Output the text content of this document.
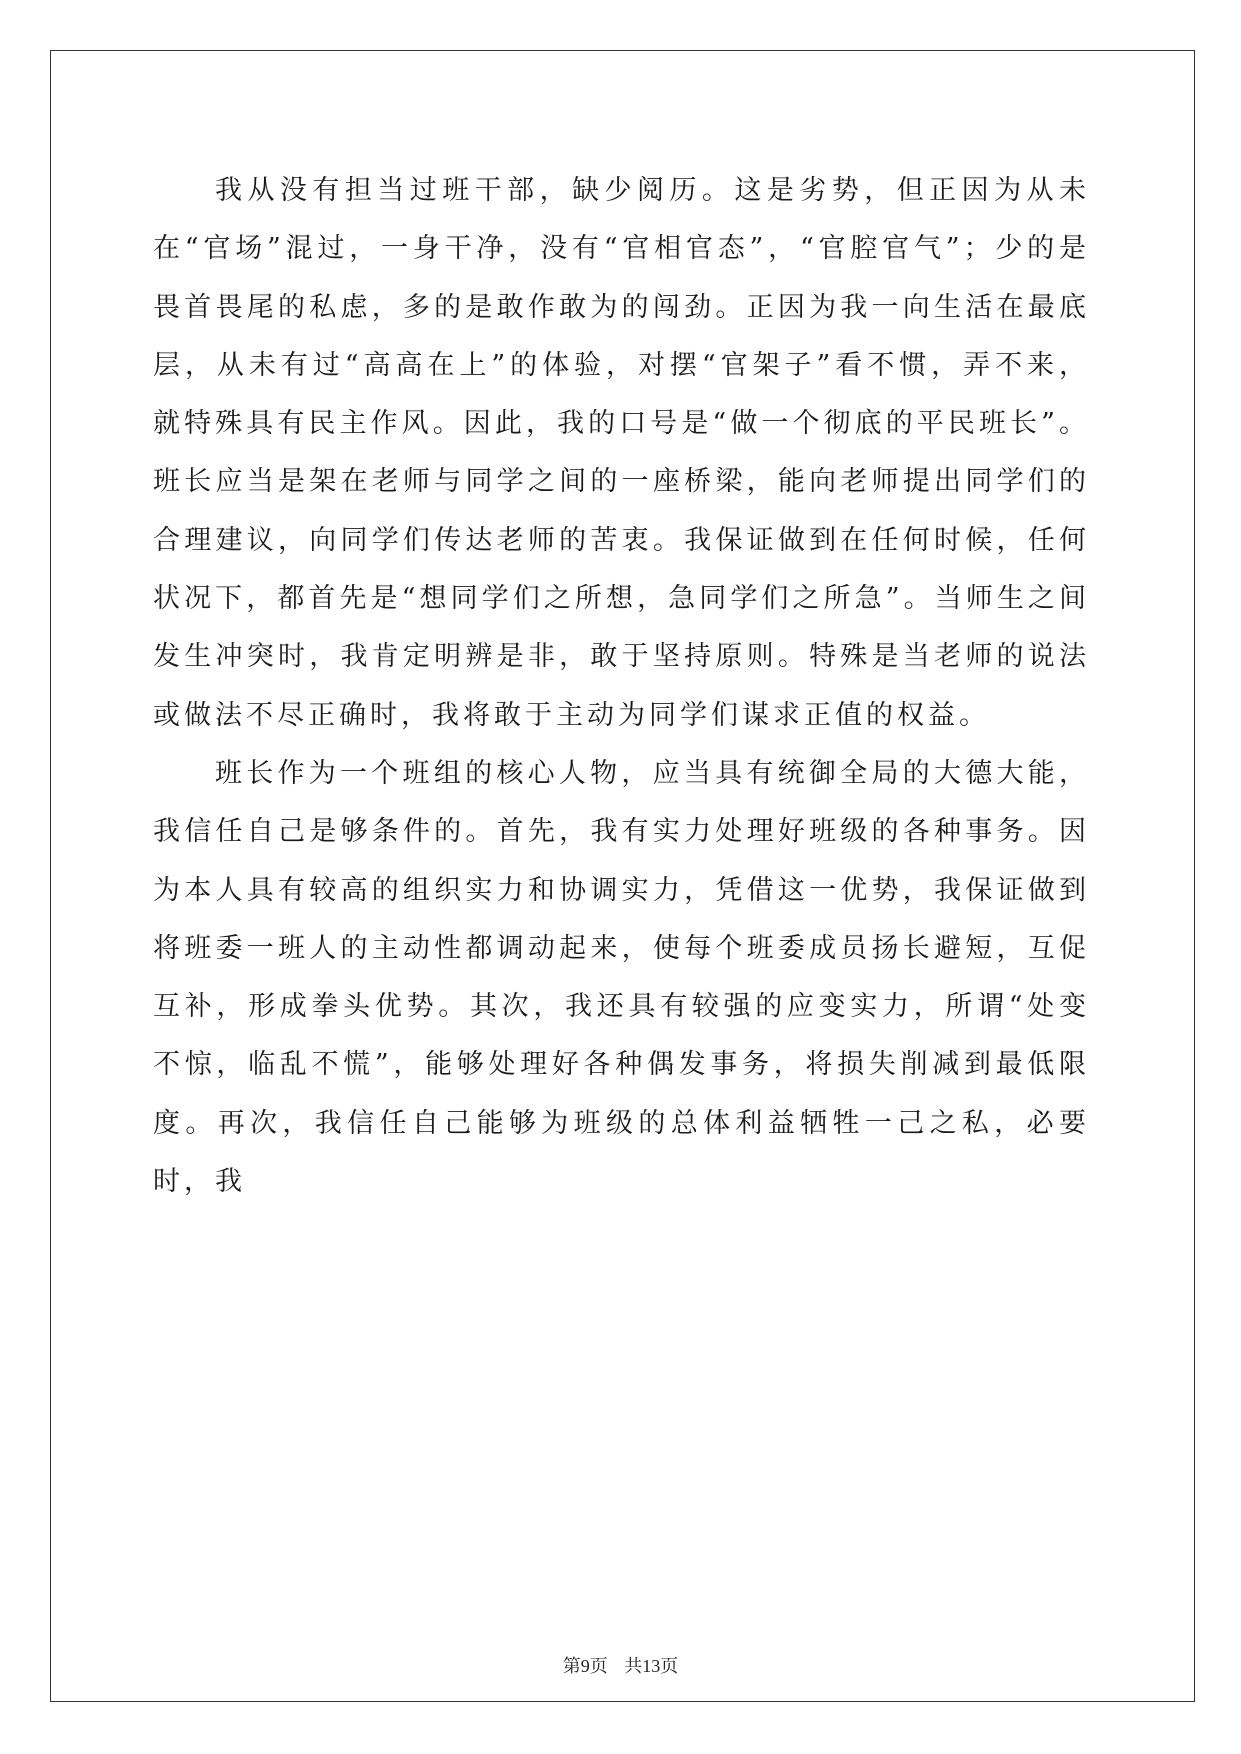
我从没有担当过班干部，缺少阅历。这是劣势，但正因为从未在“官场”混过，一身干净，没有“官相官态”，“官腔官气”；少的是畏首畏尾的私虑，多的是敢作敢为的闯劲。正因为我一向生活在最底层，从未有过“高高在上”的体验，对摆“官架子”看不惯，弄不来，就特殊具有民主作风。因此，我的口号是“做一个彻底的平民班长”。班长应当是架在老师与同学之间的一座桥梁，能向老师提出同学们的合理建议，向同学们传达老师的苦衷。我保证做到在任何时候，任何状况下，都首先是“想同学们之所想，急同学们之所急”。当师生之间发生冲突时，我肯定明辨是非，敢于坚持原则。特殊是当老师的说法或做法不尽正确时，我将敢于主动为同学们谋求正值的权益。

班长作为一个班组的核心人物，应当具有统御全局的大德大能，我信任自己是够条件的。首先，我有实力处理好班级的各种事务。因为本人具有较高的组织实力和协调实力，凭借这一优势，我保证做到将班委一班人的主动性都调动起来，使每个班委成员扬长避短，互促互补，形成拳头优势。其次，我还具有较强的应变实力，所谓“处变不惊，临乱不慌”，能够处理好各种偶发事务，将损失削减到最低限度。再次，我信任自己能够为班级的总体利益牺牲一己之私，必要时，我

第9页 共13页
